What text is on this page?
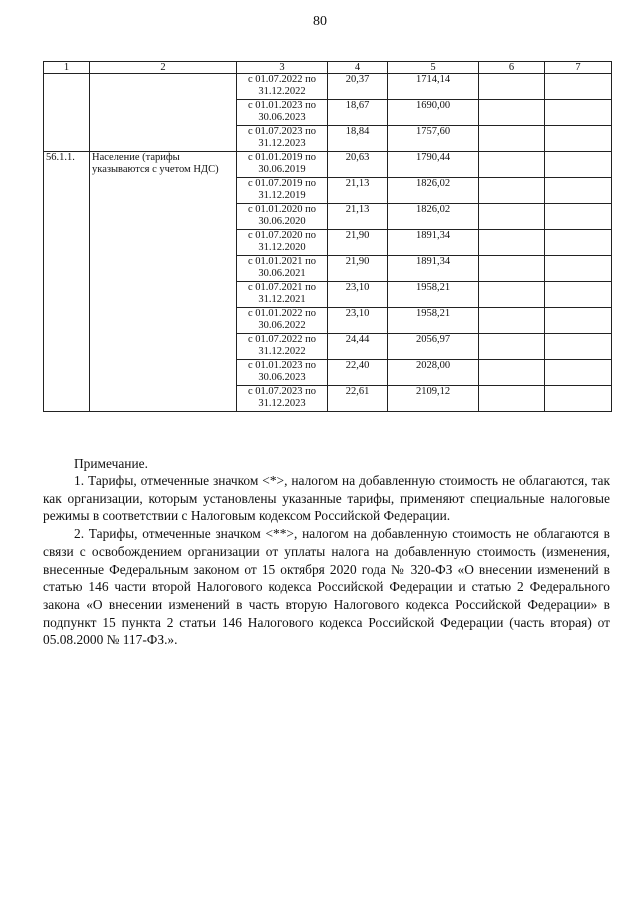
80
1	2	3	4	5	6	7
		с 01.07.2022 по 31.12.2022	20,37	1714,14		
		с 01.01.2023 по 30.06.2023	18,67	1690,00		
		с 01.07.2023 по 31.12.2023	18,84	1757,60		
56.1.1.	Население (тарифы указываются с учетом НДС)	с 01.01.2019 по 30.06.2019	20,63	1790,44		
		с 01.07.2019 по 31.12.2019	21,13	1826,02		
		с 01.01.2020 по 30.06.2020	21,13	1826,02		
		с 01.07.2020 по 31.12.2020	21,90	1891,34		
		с 01.01.2021 по 30.06.2021	21,90	1891,34		
		с 01.07.2021 по 31.12.2021	23,10	1958,21		
		с 01.01.2022 по 30.06.2022	23,10	1958,21		
		с 01.07.2022 по 31.12.2022	24,44	2056,97		
		с 01.01.2023 по 30.06.2023	22,40	2028,00		
		с 01.07.2023 по 31.12.2023	22,61	2109,12		

Примечание.

1. Тарифы, отмеченные значком <*>, налогом на добавленную стоимость не облагаются, так как организации, которым установлены указанные тарифы, применяют специальные налоговые режимы в соответствии с Налоговым кодексом Российской Федерации.

2. Тарифы, отмеченные значком <**>, налогом на добавленную стоимость не облагаются в связи с освобождением организации от уплаты налога на добавленную стоимость (изменения, внесенные Федеральным законом от 15 октября 2020 года № 320-ФЗ «О внесении изменений в статью 146 части второй Налогового кодекса Российской Федерации и статью 2 Федерального закона «О внесении изменений в часть вторую Налогового кодекса Российской Федерации» в подпункт 15 пункта 2 статьи 146 Налогового кодекса Российской Федерации (часть вторая) от 05.08.2000 № 117-ФЗ.».
